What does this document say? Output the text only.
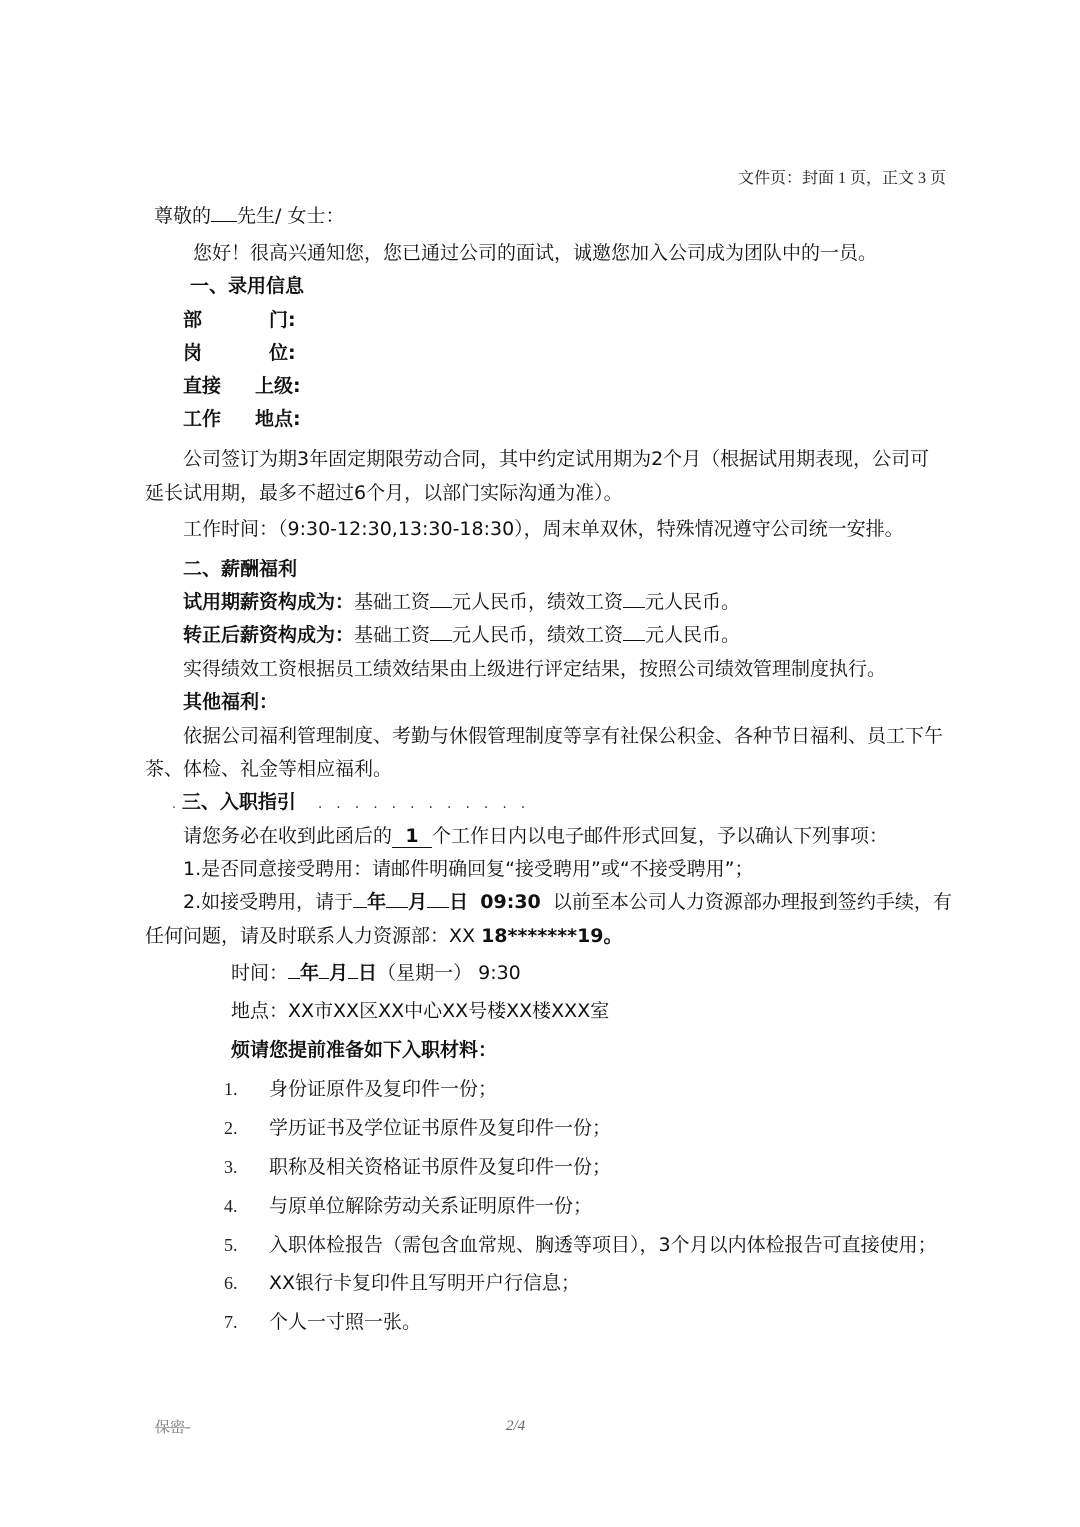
文件页：封面 1 页，正文 3 页
尊敬的 先生/ 女士：
您好！很高兴通知您，您已通过公司的面试，诚邀您加入公司成为团队中的一员。
一、录用信息
部	门:
岗	位:
直接 上级:
工作 地点:
公司签订为期3年固定期限劳动合同，其中约定试用期为2个月（根据试用期表现，公司可
延长试用期，最多不超过6个月，以部门实际沟通为准）。
工作时间：（9:30-12:30,13:30-18:30），周末单双休，特殊情况遵守公司统一安排。
二、薪酬福利
试用期薪资构成为：基础工资 元人民币，绩效工资 元人民币。
转正后薪资构成为：基础工资 元人民币，绩效工资 元人民币。
实得绩效工资根据员工绩效结果由上级进行评定结果，按照公司绩效管理制度执行。
其他福利：
依据公司福利管理制度、考勤与休假管理制度等享有社保公积金、各种节日福利、员工下午
茶、体检、礼金等相应福利。
. 三、入职指引 ............
请您务必在收到此函后的 1 个工作日内以电子邮件形式回复，予以确认下列事项：
1.是否同意接受聘用：请邮件明确回复“接受聘用”或“不接受聘用”；
2.如接受聘用，请于 年 月 日 09:30 以前至本公司人力资源部办理报到签约手续，有
任何问题，请及时联系人力资源部：XX 18*******19。
时间： 年 月 日（星期一） 9:30
地点：XX市XX区XX中心XX号楼XX楼XXX室
烦请您提前准备如下入职材料：
1. 身份证原件及复印件一份；
2. 学历证书及学位证书原件及复印件一份；
3. 职称及相关资格证书原件及复印件一份；
4. 与原单位解除劳动关系证明原件一份；
5. 入职体检报告（需包含血常规、胸透等项目），3个月以内体检报告可直接使用；
6. XX银行卡复印件且写明开户行信息；
7. 个人一寸照一张。
保密-	2/4
